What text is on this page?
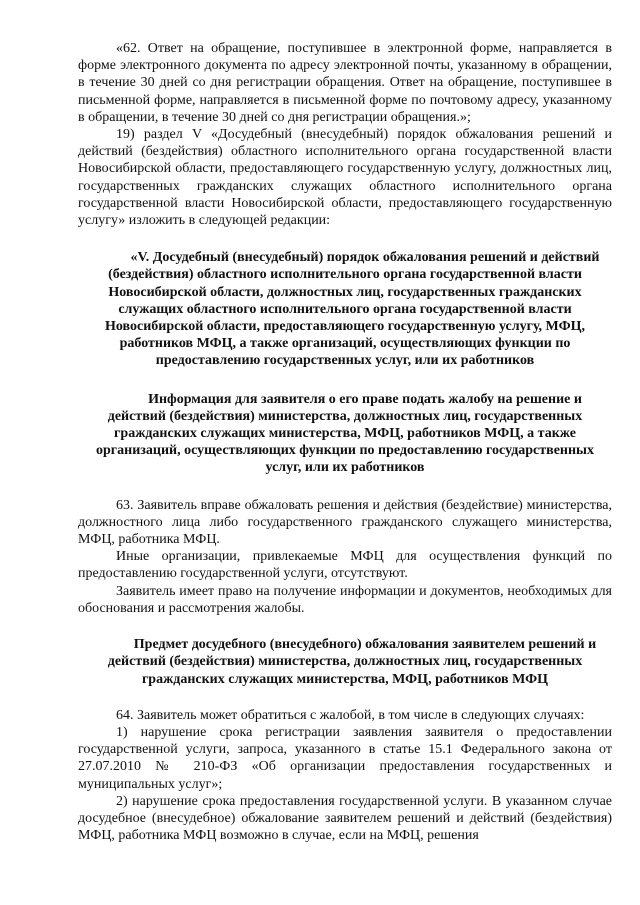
«62. Ответ на обращение, поступившее в электронной форме, направляется в форме электронного документа по адресу электронной почты, указанному в обращении, в течение 30 дней со дня регистрации обращения. Ответ на обращение, поступившее в письменной форме, направляется в письменной форме по почтовому адресу, указанному в обращении, в течение 30 дней со дня регистрации обращения.»;

19) раздел V «Досудебный (внесудебный) порядок обжалования решений и действий (бездействия) областного исполнительного органа государственной власти Новосибирской области, предоставляющего государственную услугу, должностных лиц, государственных гражданских служащих областного исполнительного органа государственной власти Новосибирской области, предоставляющего государственную услугу» изложить в следующей редакции:

«V. Досудебный (внесудебный) порядок обжалования решений и действий (бездействия) областного исполнительного органа государственной власти Новосибирской области, должностных лиц, государственных гражданских служащих областного исполнительного органа государственной власти Новосибирской области, предоставляющего государственную услугу, МФЦ, работников МФЦ, а также организаций, осуществляющих функции по предоставлению государственных услуг, или их работников

Информация для заявителя о его праве подать жалобу на решение и действий (бездействия) министерства, должностных лиц, государственных гражданских служащих министерства, МФЦ, работников МФЦ, а также организаций, осуществляющих функции по предоставлению государственных услуг, или их работников

63. Заявитель вправе обжаловать решения и действия (бездействие) министерства, должностного лица либо государственного гражданского служащего министерства, МФЦ, работника МФЦ.

Иные организации, привлекаемые МФЦ для осуществления функций по предоставлению государственной услуги, отсутствуют.

Заявитель имеет право на получение информации и документов, необходимых для обоснования и рассмотрения жалобы.

Предмет досудебного (внесудебного) обжалования заявителем решений и действий (бездействия) министерства, должностных лиц, государственных гражданских служащих министерства, МФЦ, работников МФЦ

64. Заявитель может обратиться с жалобой, в том числе в следующих случаях:

1) нарушение срока регистрации заявления заявителя о предоставлении государственной услуги, запроса, указанного в статье 15.1 Федерального закона от 27.07.2010 № 210-ФЗ «Об организации предоставления государственных и муниципальных услуг»;

2) нарушение срока предоставления государственной услуги. В указанном случае досудебное (внесудебное) обжалование заявителем решений и действий (бездействия) МФЦ, работника МФЦ возможно в случае, если на МФЦ, решения
